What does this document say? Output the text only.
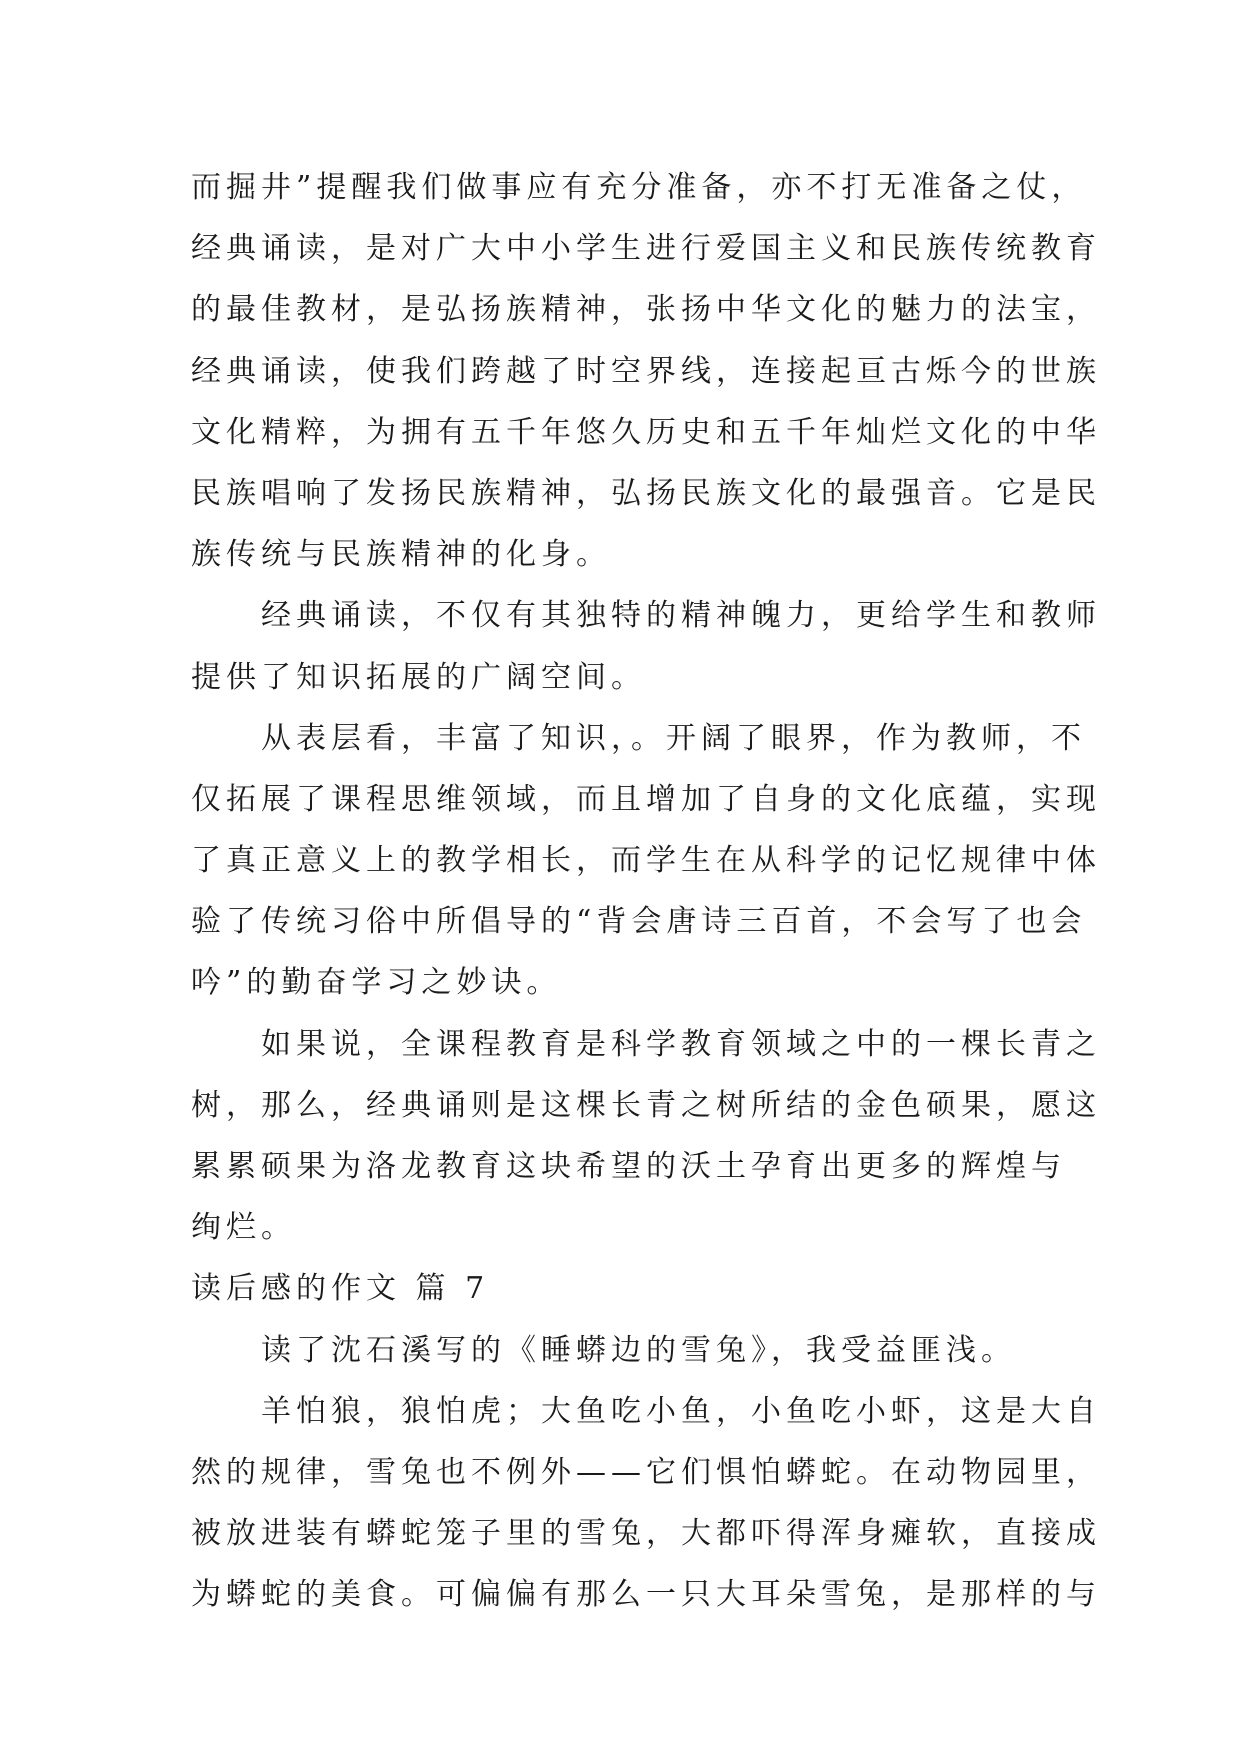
而掘井”提醒我们做事应有充分准备，亦不打无准备之仗，
经典诵读，是对广大中小学生进行爱国主义和民族传统教育
的最佳教材，是弘扬族精神，张扬中华文化的魅力的法宝，
经典诵读，使我们跨越了时空界线，连接起亘古烁今的世族
文化精粹，为拥有五千年悠久历史和五千年灿烂文化的中华
民族唱响了发扬民族精神，弘扬民族文化的最强音。它是民
族传统与民族精神的化身。
经典诵读，不仅有其独特的精神魄力，更给学生和教师
提供了知识拓展的广阔空间。
从表层看，丰富了知识，。开阔了眼界，作为教师，不
仅拓展了课程思维领域，而且增加了自身的文化底蕴，实现
了真正意义上的教学相长，而学生在从科学的记忆规律中体
验了传统习俗中所倡导的“背会唐诗三百首，不会写了也会
吟”的勤奋学习之妙诀。
如果说，全课程教育是科学教育领域之中的一棵长青之
树，那么，经典诵则是这棵长青之树所结的金色硕果，愿这
累累硕果为洛龙教育这块希望的沃土孕育出更多的辉煌与
绚烂。
读后感的作文 篇 7
读了沈石溪写的《睡蟒边的雪兔》，我受益匪浅。
羊怕狼，狼怕虎；大鱼吃小鱼，小鱼吃小虾，这是大自
然的规律，雪兔也不例外——它们惧怕蟒蛇。在动物园里，
被放进装有蟒蛇笼子里的雪兔，大都吓得浑身瘫软，直接成
为蟒蛇的美食。可偏偏有那么一只大耳朵雪兔，是那样的与
